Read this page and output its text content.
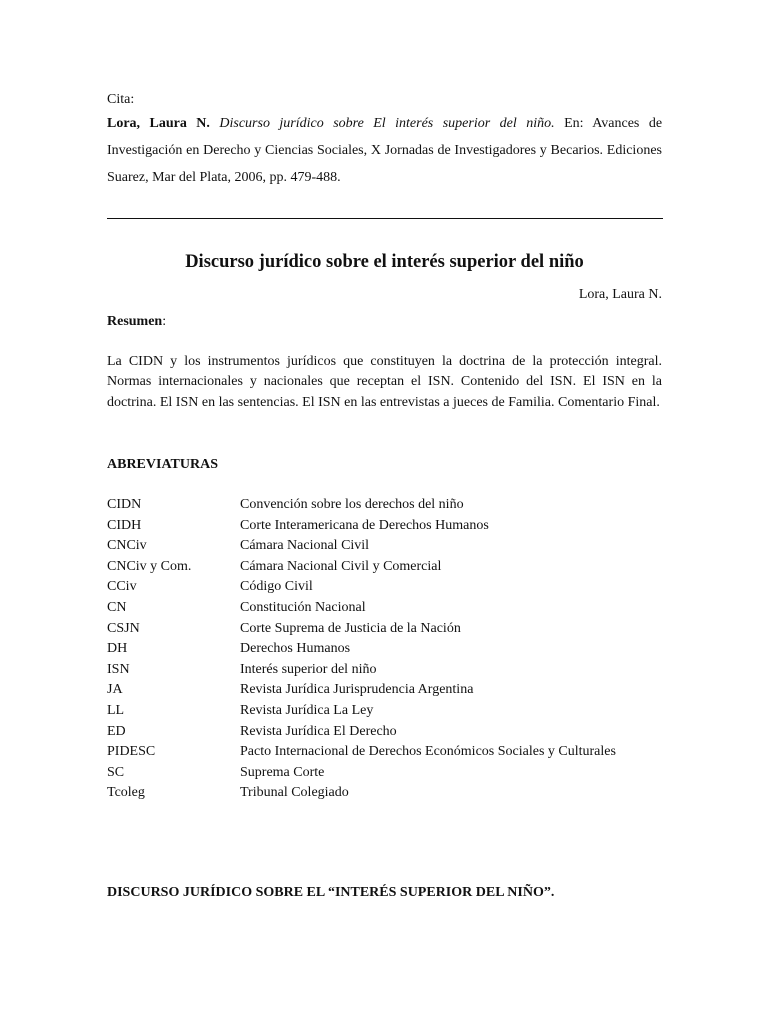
Cita:

Lora, Laura N. Discurso jurídico sobre El interés superior del niño. En: Avances de Investigación en Derecho y Ciencias Sociales, X Jornadas de Investigadores y Becarios. Ediciones Suarez, Mar del Plata, 2006, pp. 479-488.

Discurso jurídico sobre el interés superior del niño

Lora, Laura N.

Resumen:

La CIDN y los instrumentos jurídicos que constituyen la doctrina de la protección integral. Normas internacionales y nacionales que receptan el ISN. Contenido del ISN. El ISN en la doctrina. El ISN en las sentencias. El ISN en las entrevistas a jueces de Familia. Comentario Final.

ABREVIATURAS

CIDN	Convención sobre los derechos del niño
CIDH	Corte Interamericana de Derechos Humanos
CNCiv	Cámara Nacional Civil
CNCiv y Com.	Cámara Nacional Civil y Comercial
CCiv	Código Civil
CN	Constitución Nacional
CSJN	Corte Suprema de Justicia de la Nación
DH	Derechos Humanos
ISN	Interés superior del niño
JA	Revista Jurídica Jurisprudencia Argentina
LL	Revista Jurídica La Ley
ED	Revista Jurídica El Derecho
PIDESC	Pacto Internacional de Derechos Económicos Sociales y Culturales
SC	Suprema Corte
Tcoleg	Tribunal Colegiado

DISCURSO JURÍDICO SOBRE EL “INTERÉS SUPERIOR DEL NIÑO”.
